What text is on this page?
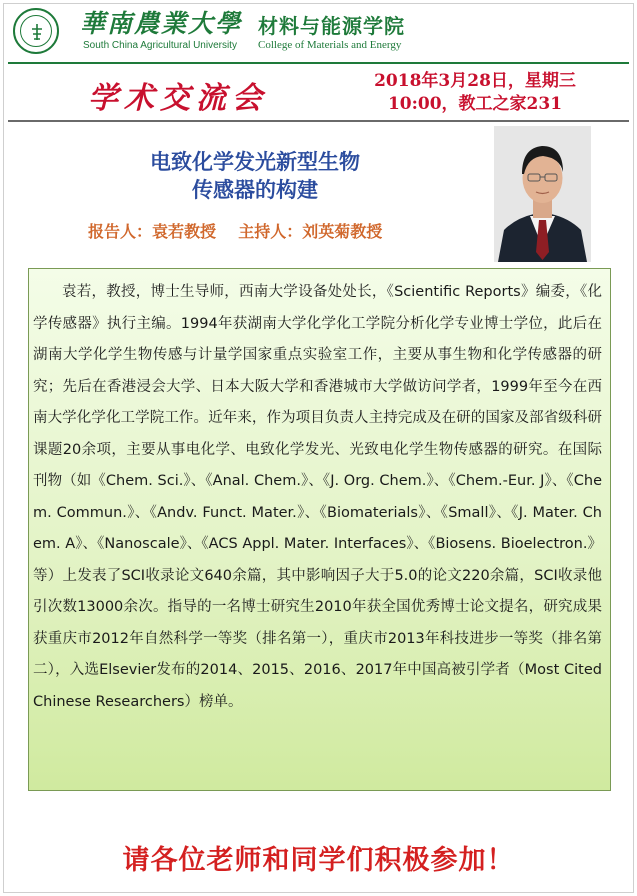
華南農業大學
South China Agricultural University
材料与能源学院
College of Materials and Energy
学术交流会	2018年3月28日，星期三
10:00，教工之家231
电致化学发光新型生物
传感器的构建
报告人：袁若教授    主持人：刘英菊教授

袁若，教授，博士生导师，西南大学设备处处长，《Scientific Reports》编委，《化学传感器》执行主编。1994年获湖南大学化学化工学院分析化学专业博士学位，此后在湖南大学化学生物传感与计量学国家重点实验室工作，主要从事生物和化学传感器的研究；先后在香港浸会大学、日本大阪大学和香港城市大学做访问学者，1999年至今在西南大学化学化工学院工作。近年来，作为项目负责人主持完成及在研的国家及部省级科研课题20余项，主要从事电化学、电致化学发光、光致电化学生物传感器的研究。在国际刊物（如《Chem. Sci.》、《Anal. Chem.》、《J. Org. Chem.》、《Chem.-Eur. J》、《Chem. Commun.》、《Andv. Funct. Mater.》、《Biomaterials》、《Small》、《J. Mater. Chem. A》、《Nanoscale》、《ACS Appl. Mater. Interfaces》、《Biosens. Bioelectron.》等）上发表了SCI收录论文640余篇，其中影响因子大于5.0的论文220余篇，SCI收录他引次数13000余次。指导的一名博士研究生2010年获全国优秀博士论文提名，研究成果获重庆市2012年自然科学一等奖（排名第一），重庆市2013年科技进步一等奖（排名第二），入选Elsevier发布的2014、2015、2016、2017年中国高被引学者（Most Cited Chinese Researchers）榜单。

请各位老师和同学们积极参加！
